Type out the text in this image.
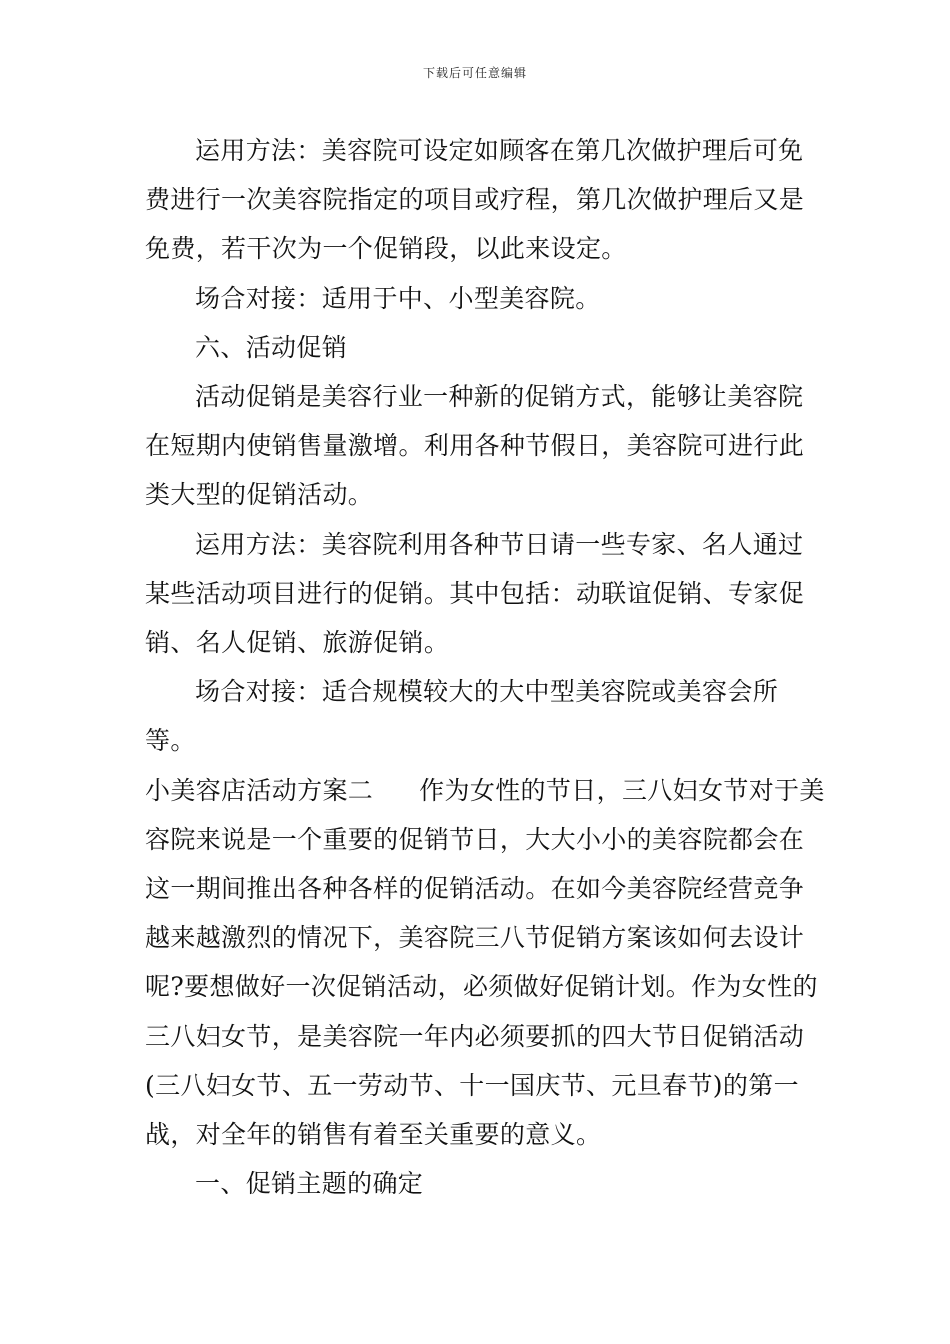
下载后可任意编辑

运用方法：美容院可设定如顾客在第几次做护理后可免费进行一次美容院指定的项目或疗程，第几次做护理后又是免费，若干次为一个促销段，以此来设定。

场合对接：适用于中、小型美容院。

六、活动促销

活动促销是美容行业一种新的促销方式，能够让美容院在短期内使销售量激增。利用各种节假日，美容院可进行此类大型的促销活动。

运用方法：美容院利用各种节日请一些专家、名人通过某些活动项目进行的促销。其中包括：动联谊促销、专家促销、名人促销、旅游促销。

场合对接：适合规模较大的大中型美容院或美容会所等。

小美容店活动方案二 作为女性的节日，三八妇女节对于美容院来说是一个重要的促销节日，大大小小的美容院都会在这一期间推出各种各样的促销活动。在如今美容院经营竞争越来越激烈的情况下，美容院三八节促销方案该如何去设计呢?要想做好一次促销活动，必须做好促销计划。作为女性的三八妇女节，是美容院一年内必须要抓的四大节日促销活动(三八妇女节、五一劳动节、十一国庆节、元旦春节)的第一战，对全年的销售有着至关重要的意义。

一、促销主题的确定
